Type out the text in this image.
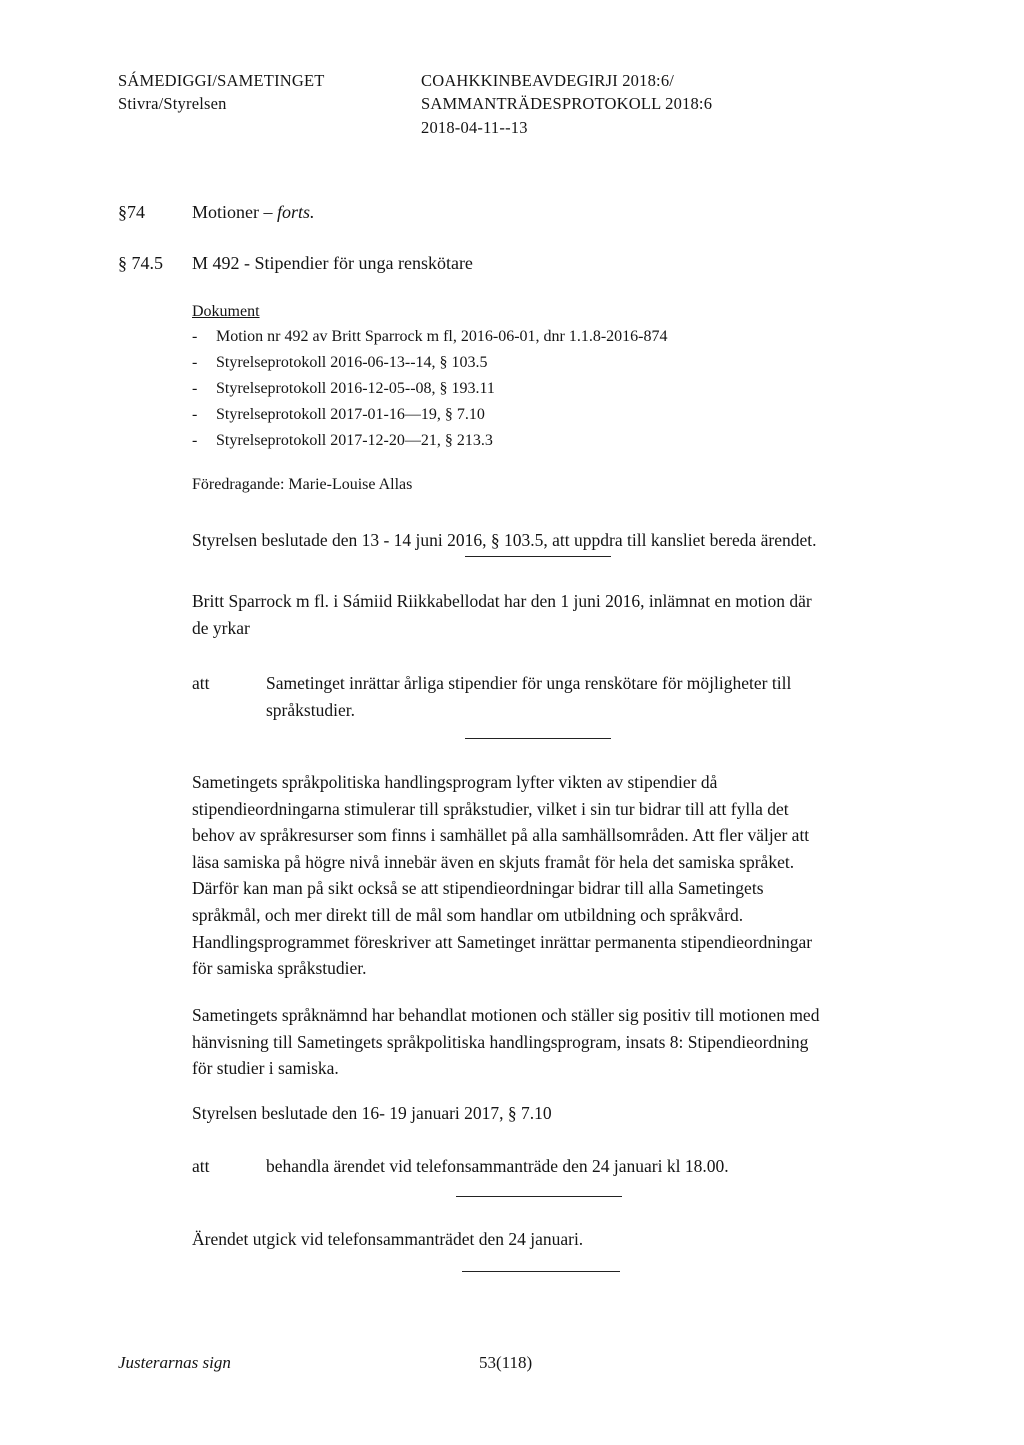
SÁMEDIGGI/SAMETINGET
Stivra/Styrelsen
COAHKKINBEAVDEGIRJI 2018:6/
SAMMANTRÄDESPROTOKOLL 2018:6
2018-04-11--13
§74	Motioner – forts.
§ 74.5 M 492 - Stipendier för unga renskötare
Dokument
- Motion nr 492 av Britt Sparrock m fl, 2016-06-01, dnr 1.1.8-2016-874
- Styrelseprotokoll 2016-06-13--14, § 103.5
- Styrelseprotokoll 2016-12-05--08, § 193.11
- Styrelseprotokoll 2017-01-16—19, § 7.10
- Styrelseprotokoll 2017-12-20—21, § 213.3
Föredragande: Marie-Louise Allas
Styrelsen beslutade den 13 - 14 juni 2016, § 103.5, att uppdra till kansliet bereda ärendet.
Britt Sparrock m fl. i Sámiid Riikkabellodat har den 1 juni 2016, inlämnat en motion där
de yrkar
att	Sametinget inrättar årliga stipendier för unga renskötare för möjligheter till
språkstudier.
Sametingets språkpolitiska handlingsprogram lyfter vikten av stipendier då
stipendieordningarna stimulerar till språkstudier, vilket i sin tur bidrar till att fylla det
behov av språkresurser som finns i samhället på alla samhällsområden. Att fler väljer att
läsa samiska på högre nivå innebär även en skjuts framåt för hela det samiska språket.
Därför kan man på sikt också se att stipendieordningar bidrar till alla Sametingets
språkmål, och mer direkt till de mål som handlar om utbildning och språkvård.
Handlingsprogrammet föreskriver att Sametinget inrättar permanenta stipendieordningar
för samiska språkstudier.
Sametingets språknämnd har behandlat motionen och ställer sig positiv till motionen med
hänvisning till Sametingets språkpolitiska handlingsprogram, insats 8: Stipendieordning
för studier i samiska.
Styrelsen beslutade den 16- 19 januari 2017, § 7.10
att	behandla ärendet vid telefonsammanträde den 24 januari kl 18.00.
Ärendet utgick vid telefonsammanträdet den 24 januari.
Justerarnas sign	53(118)
